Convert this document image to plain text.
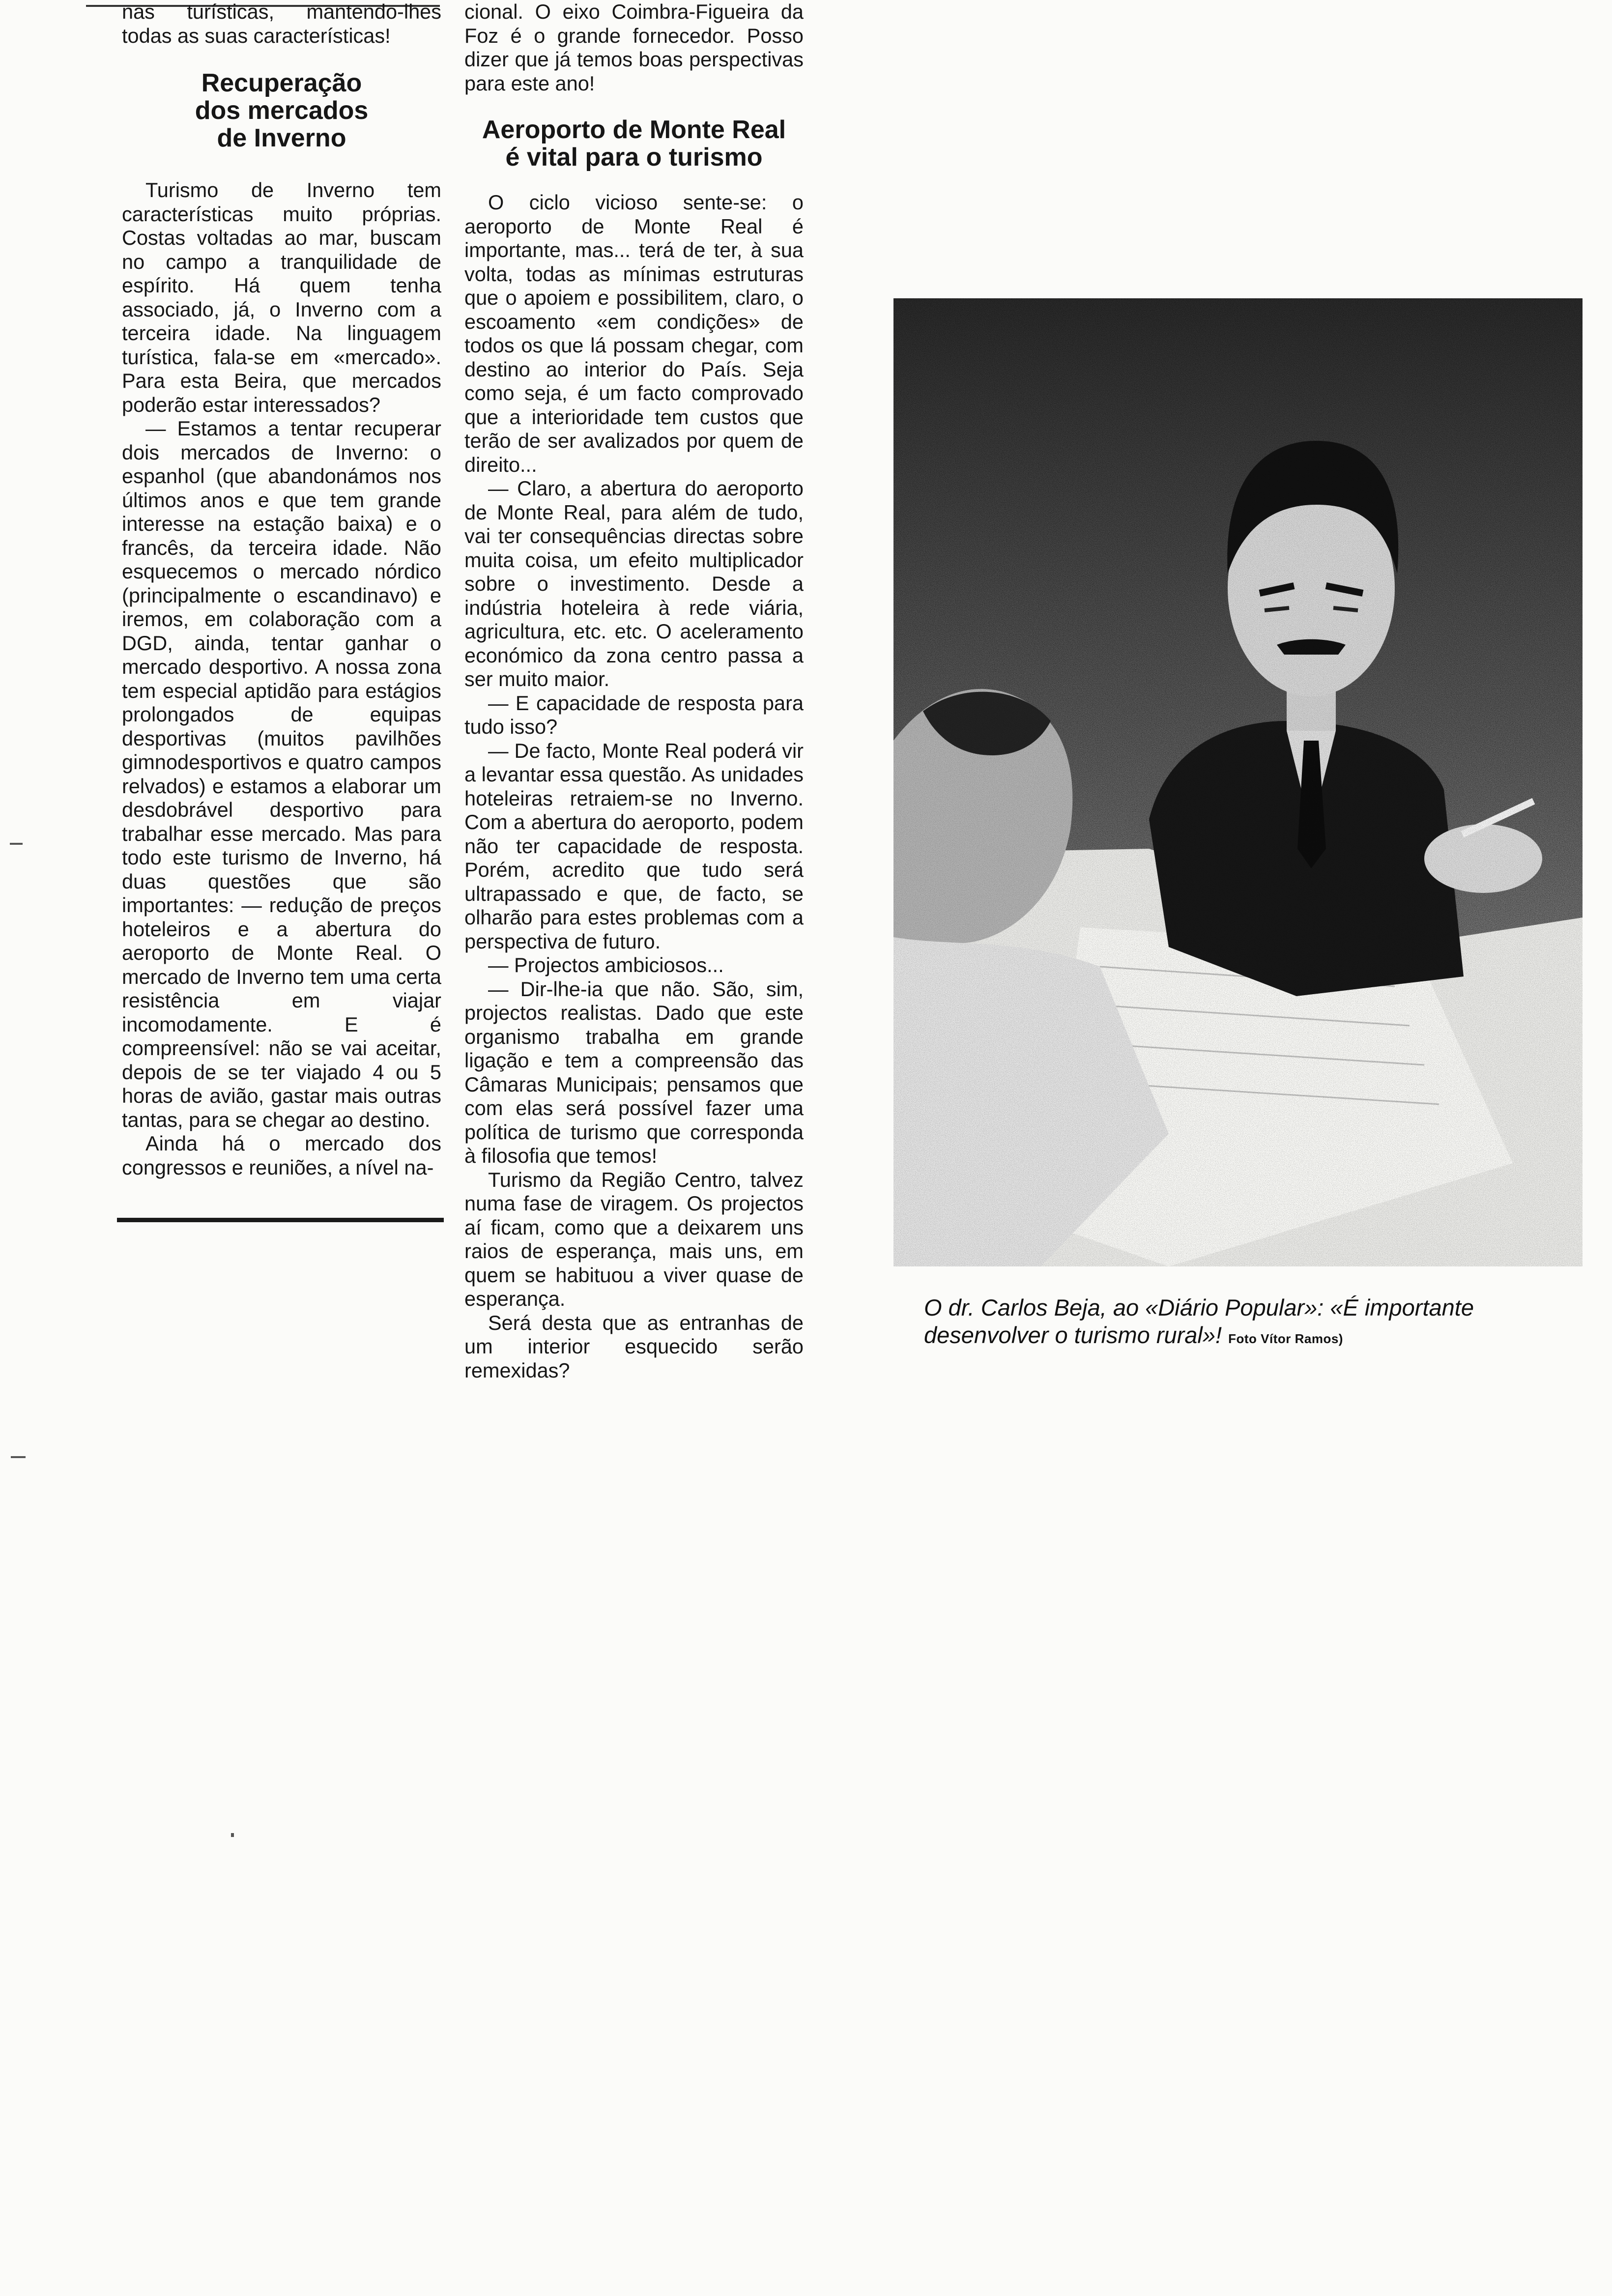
nas turísticas, mantendo-lhes todas as suas características!

Recuperação
dos mercados
de Inverno

Turismo de Inverno tem características muito próprias. Costas voltadas ao mar, buscam no campo a tranquilidade de espírito. Há quem tenha associado, já, o Inverno com a terceira idade. Na linguagem turística, fala-se em «mercado». Para esta Beira, que mercados poderão estar interessados?

— Estamos a tentar recuperar dois mercados de Inverno: o espanhol (que abandonámos nos últimos anos e que tem grande interesse na estação baixa) e o francês, da terceira idade. Não esquecemos o mercado nórdico (principalmente o escandinavo) e iremos, em colaboração com a DGD, ainda, tentar ganhar o mercado desportivo. A nossa zona tem especial aptidão para estágios prolongados de equipas desportivas (muitos pavilhões gimnodesportivos e quatro campos relvados) e estamos a elaborar um desdobrável desportivo para trabalhar esse mercado. Mas para todo este turismo de Inverno, há duas questões que são importantes: — redução de preços hoteleiros e a abertura do aeroporto de Monte Real. O mercado de Inverno tem uma certa resistência em viajar incomodamente. E é compreensível: não se vai aceitar, depois de se ter viajado 4 ou 5 horas de avião, gastar mais outras tantas, para se chegar ao destino.

Ainda há o mercado dos congressos e reuniões, a nível na-

cional. O eixo Coimbra-Figueira da Foz é o grande fornecedor. Posso dizer que já temos boas perspectivas para este ano!

Aeroporto de Monte Real
é vital para o turismo

O ciclo vicioso sente-se: o aeroporto de Monte Real é importante, mas... terá de ter, à sua volta, todas as mínimas estruturas que o apoiem e possibilitem, claro, o escoamento «em condições» de todos os que lá possam chegar, com destino ao interior do País. Seja como seja, é um facto comprovado que a interioridade tem custos que terão de ser avalizados por quem de direito...

— Claro, a abertura do aeroporto de Monte Real, para além de tudo, vai ter consequências directas sobre muita coisa, um efeito multiplicador sobre o investimento. Desde a indústria hoteleira à rede viária, agricultura, etc. etc. O aceleramento económico da zona centro passa a ser muito maior.

— E capacidade de resposta para tudo isso?

— De facto, Monte Real poderá vir a levantar essa questão. As unidades hoteleiras retraiem-se no Inverno. Com a abertura do aeroporto, podem não ter capacidade de resposta. Porém, acredito que tudo será ultrapassado e que, de facto, se olharão para estes problemas com a perspectiva de futuro.

— Projectos ambiciosos...

— Dir-lhe-ia que não. São, sim, projectos realistas. Dado que este organismo trabalha em grande ligação e tem a compreensão das Câmaras Municipais; pensamos que com elas será possível fazer uma política de turismo que corresponda à filosofia que temos!

Turismo da Região Centro, talvez numa fase de viragem. Os projectos aí ficam, como que a deixarem uns raios de esperança, mais uns, em quem se habituou a viver quase de esperança.

Será desta que as entranhas de um interior esquecido serão remexidas?

O dr. Carlos Beja, ao «Diário Popular»: «É importante desenvolver o turismo rural»! Foto Vítor Ramos)
